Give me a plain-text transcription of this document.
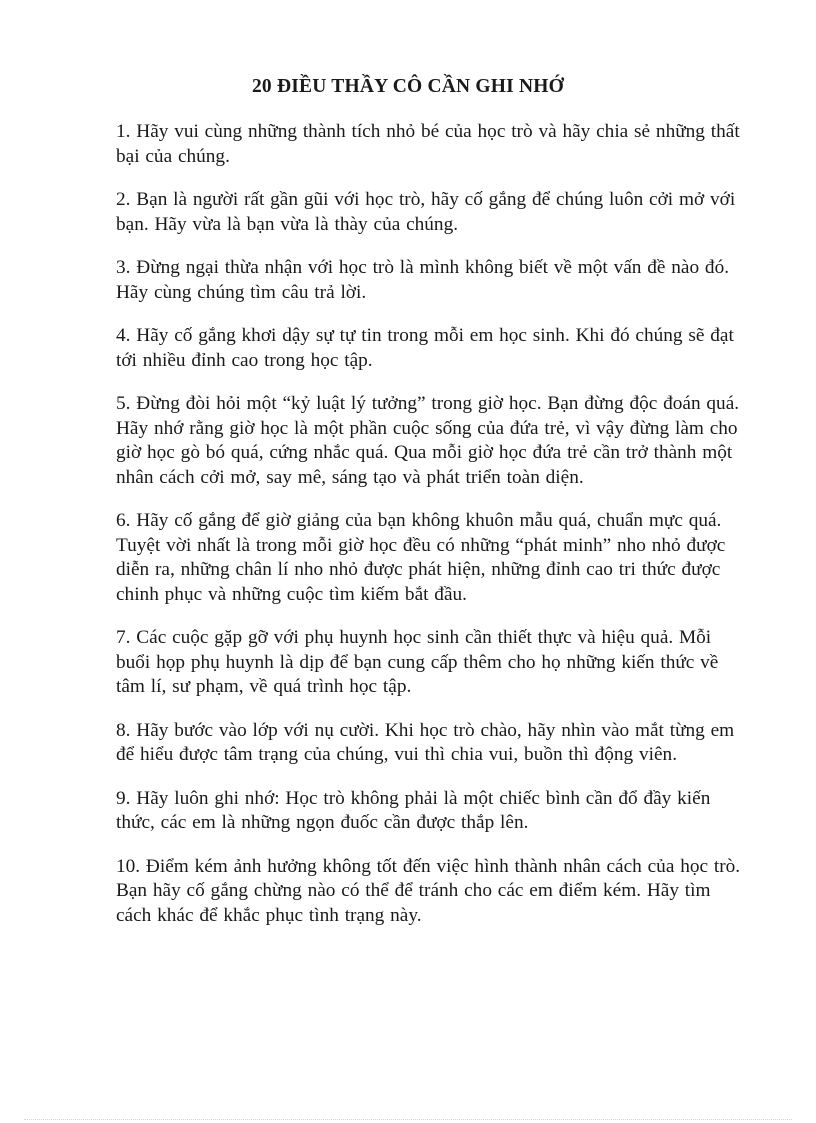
20 ĐIỀU THẦY CÔ CẦN GHI NHỚ

1. Hãy vui cùng những thành tích nhỏ bé của học trò và hãy chia sẻ những thất bại của chúng.

2. Bạn là người rất gần gũi với học trò, hãy cố gắng để chúng luôn cởi mở với bạn. Hãy vừa là bạn vừa là thày của chúng.

3. Đừng ngại thừa nhận với học trò là mình không biết về một vấn đề nào đó. Hãy cùng chúng tìm câu trả lời.

4. Hãy cố gắng khơi dậy sự tự tin trong mỗi em học sinh. Khi đó chúng sẽ đạt tới nhiều đỉnh cao trong học tập.

5. Đừng đòi hỏi một “kỷ luật lý tưởng” trong giờ học. Bạn đừng độc đoán quá. Hãy nhớ rằng giờ học là một phần cuộc sống của đứa trẻ, vì vậy đừng làm cho giờ học gò bó quá, cứng nhắc quá. Qua mỗi giờ học đứa trẻ cần trở thành một nhân cách cởi mở, say mê, sáng tạo và phát triển toàn diện.

6. Hãy cố gắng để giờ giảng của bạn không khuôn mẫu quá, chuẩn mực quá. Tuyệt vời nhất là trong mỗi giờ học đều có những “phát minh” nho nhỏ được diễn ra, những chân lí nho nhỏ được phát hiện, những đỉnh cao tri thức được chinh phục và những cuộc tìm kiếm bắt đầu.

7. Các cuộc gặp gỡ với phụ huynh học sinh cần thiết thực và hiệu quả. Mỗi buổi họp phụ huynh là dịp để bạn cung cấp thêm cho họ những kiến thức về tâm lí, sư phạm, về quá trình học tập.

8. Hãy bước vào lớp với nụ cười. Khi học trò chào, hãy nhìn vào mắt từng em để hiểu được tâm trạng của chúng, vui thì chia vui, buồn thì động viên.

9. Hãy luôn ghi nhớ: Học trò không phải là một chiếc bình cần đổ đầy kiến thức, các em là những ngọn đuốc cần được thắp lên.

10. Điểm kém ảnh hưởng không tốt đến việc hình thành nhân cách của học trò. Bạn hãy cố gắng chừng nào có thể để tránh cho các em điểm kém. Hãy tìm cách khác để khắc phục tình trạng này.
